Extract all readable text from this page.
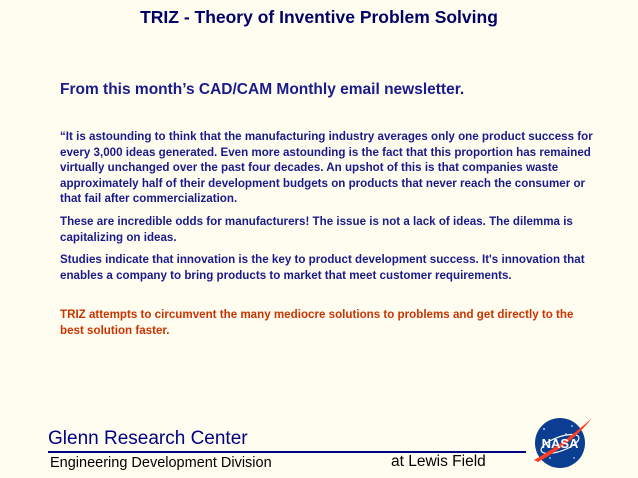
TRIZ - Theory of Inventive Problem Solving
From this month’s CAD/CAM Monthly email newsletter.

“It is astounding to think that the manufacturing industry averages only one product success for every 3,000 ideas generated. Even more astounding is the fact that this proportion has remained virtually unchanged over the past four decades. An upshot of this is that companies waste approximately half of their development budgets on products that never reach the consumer or that fail after commercialization.

These are incredible odds for manufacturers! The issue is not a lack of ideas. The dilemma is capitalizing on ideas.

Studies indicate that innovation is the key to product development success. It's innovation that enables a company to bring products to market that meet customer requirements.

TRIZ attempts to circumvent the many mediocre solutions to problems and get directly to the best solution faster.

Glenn Research Center
Engineering Development Division	at Lewis Field
NASA
